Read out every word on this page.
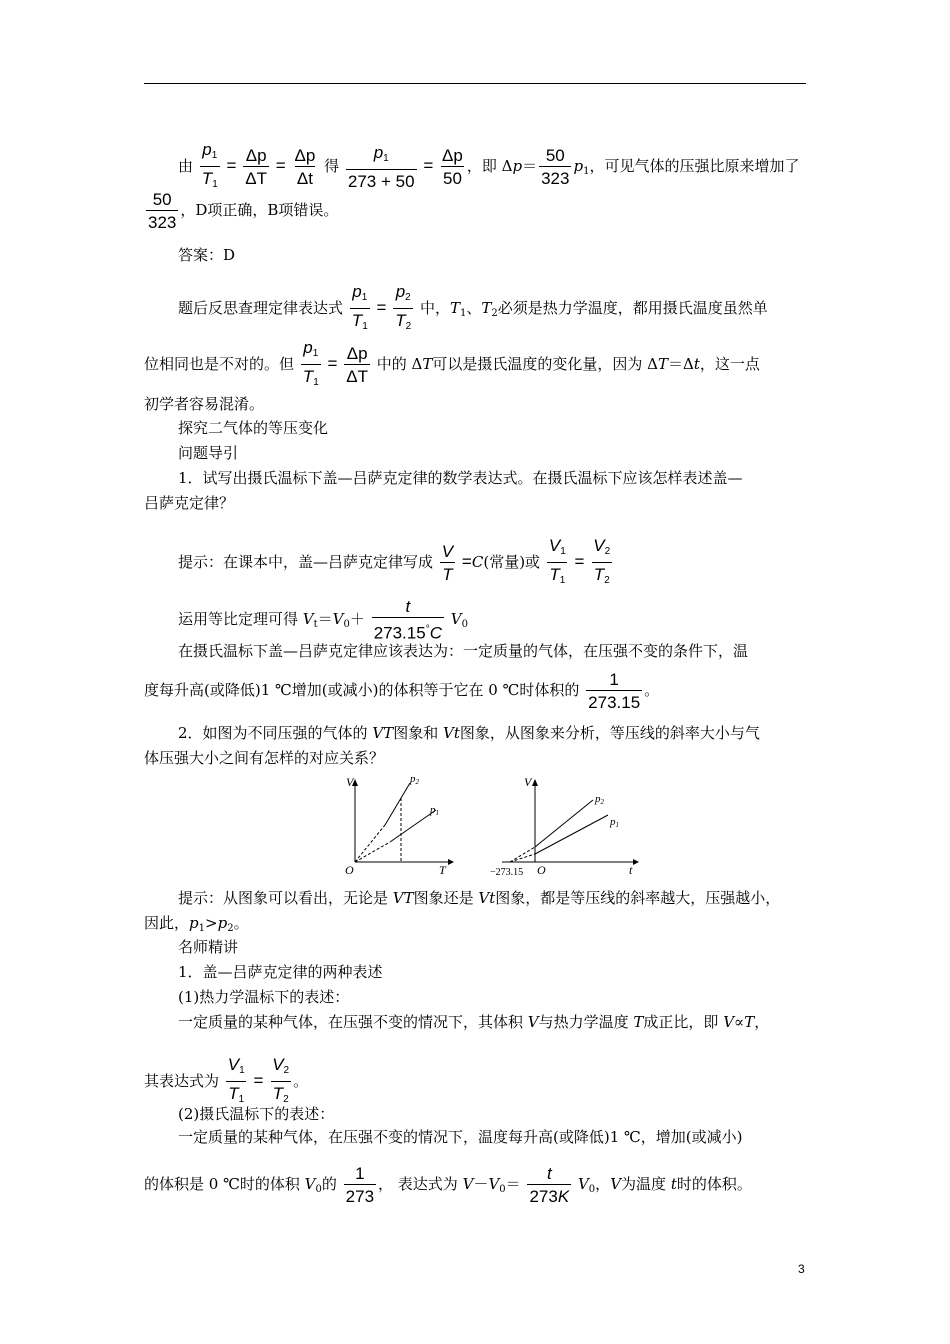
由 $\frac{p_1}{T_1} = \frac{\Delta p}{\Delta T} = \frac{\Delta p}{\Delta t}$ 得 $\frac{p_1}{273 + 50} = \frac{\Delta p}{50}$ ，即 $\Delta p= \frac{50}{323} p_1$，可见气体的压强比原来增加了
$\frac{50}{323}$ ，D项正确，B项错误。
答案：D
题后反思查理定律表达式 $\frac{p_1}{T_1} = \frac{p_2}{T_2}$ 中，$T_1$、$T_2$必须是热力学温度，都用摄氏温度虽然单
位相同也是不对的。但 $\frac{p_1}{T_1} = \frac{\Delta p}{\Delta T}$ 中的 ΔT可以是摄氏温度的变化量，因为 ΔT＝Δt，这一点
初学者容易混淆。
探究二气体的等压变化
问题导引
1．试写出摄氏温标下盖—吕萨克定律的数学表达式。在摄氏温标下应该怎样表述盖—
吕萨克定律？
提示：在课本中，盖—吕萨克定律写成 $\frac{V}{T} =C$(常量)或 $\frac{V_1}{T_1} = \frac{V_2}{T_2}$
运用等比定理可得 $V_t=V_0+ \frac{t}{273.15^\circ C} V_0$
在摄氏温标下盖—吕萨克定律应该表达为：一定质量的气体，在压强不变的条件下，温
度每升高(或降低)1 ℃增加(或减小)的体积等于它在 0 ℃时体积的 $\frac{1}{273.15}$ 。
2．如图为不同压强的气体的 VT图象和 Vt图象，从图象来分析，等压线的斜率大小与气
体压强大小之间有怎样的对应关系？
V
O	T
p2
p1
V
O	t
−273.15
p2
p1
提示：从图象可以看出，无论是 VT图象还是 Vt图象，都是等压线的斜率越大，压强越小，
因此，$p_1>p_2$。
名师精讲
1．盖—吕萨克定律的两种表述
(1)热力学温标下的表述：
一定质量的某种气体，在压强不变的情况下，其体积 V与热力学温度 T成正比，即 V∝T，
其表达式为 $\frac{V_1}{T_1} = \frac{V_2}{T_2}$ 。
(2)摄氏温标下的表述：
一定质量的某种气体，在压强不变的情况下，温度每升高(或降低)1 ℃，增加(或减小)
的体积是 0 ℃时的体积 $V_0$的 $\frac{1}{273}$ ， 表达式为 $V-V_0= \frac{t}{273K} V_0$，V为温度 t时的体积。
3
